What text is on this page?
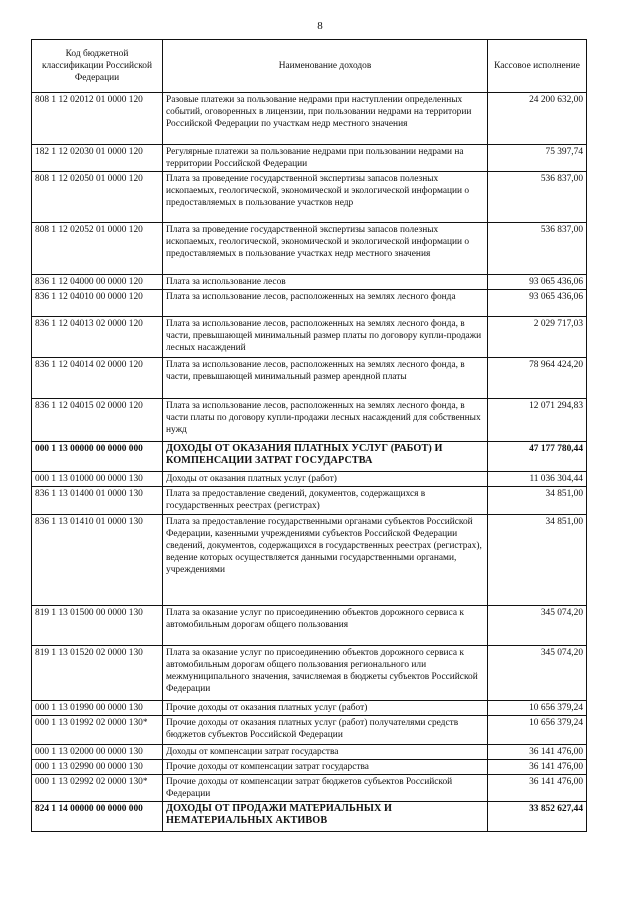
8
Код бюджетной классификации Российской Федерации	Наименование доходов	Кассовое исполнение
808 1 12 02012 01 0000 120	Разовые платежи за пользование недрами при наступлении определенных событий, оговоренных в лицензии, при пользовании недрами на территории Российской Федерации по участкам недр местного значения	24 200 632,00
182 1 12 02030 01 0000 120	Регулярные платежи за пользование недрами при пользовании недрами на территории Российской Федерации	75 397,74
808 1 12 02050 01 0000 120	Плата за проведение государственной экспертизы запасов полезных ископаемых, геологической, экономической и экологической информации о предоставляемых в пользование участков недр	536 837,00
808 1 12 02052 01 0000 120	Плата за проведение государственной экспертизы запасов полезных ископаемых, геологической, экономической и экологической информации о предоставляемых в пользование участках недр местного значения	536 837,00
836 1 12 04000 00 0000 120	Плата за использование лесов	93 065 436,06
836 1 12 04010 00 0000 120	Плата за использование лесов, расположенных на землях лесного фонда	93 065 436,06
836 1 12 04013 02 0000 120	Плата за использование лесов, расположенных на землях лесного фонда, в части, превышающей минимальный размер платы по договору купли-продажи лесных насаждений	2 029 717,03
836 1 12 04014 02 0000 120	Плата за использование лесов, расположенных на землях лесного фонда, в части, превышающей минимальный размер арендной платы	78 964 424,20
836 1 12 04015 02 0000 120	Плата за использование лесов, расположенных на землях лесного фонда, в части платы по договору купли-продажи лесных насаждений для собственных нужд	12 071 294,83
000 1 13 00000 00 0000 000	ДОХОДЫ ОТ ОКАЗАНИЯ ПЛАТНЫХ УСЛУГ (РАБОТ) И КОМПЕНСАЦИИ ЗАТРАТ ГОСУДАРСТВА	47 177 780,44
000 1 13 01000 00 0000 130	Доходы от оказания платных услуг (работ)	11 036 304,44
836 1 13 01400 01 0000 130	Плата за предоставление сведений, документов, содержащихся в государственных реестрах (регистрах)	34 851,00
836 1 13 01410 01 0000 130	Плата за предоставление государственными органами субъектов Российской Федерации, казенными учреждениями субъектов Российской Федерации сведений, документов, содержащихся в государственных реестрах (регистрах), ведение которых осуществляется данными государственными органами, учреждениями	34 851,00
819 1 13 01500 00 0000 130	Плата за оказание услуг по присоединению объектов дорожного сервиса к автомобильным дорогам общего пользования	345 074,20
819 1 13 01520 02 0000 130	Плата за оказание услуг по присоединению объектов дорожного сервиса к автомобильным дорогам общего пользования регионального или межмуниципального значения, зачисляемая в бюджеты субъектов Российской Федерации	345 074,20
000 1 13 01990 00 0000 130	Прочие доходы от оказания платных услуг (работ)	10 656 379,24
000 1 13 01992 02 0000 130*	Прочие доходы от оказания платных услуг (работ) получателями средств бюджетов субъектов Российской Федерации	10 656 379,24
000 1 13 02000 00 0000 130	Доходы от компенсации затрат государства	36 141 476,00
000 1 13 02990 00 0000 130	Прочие доходы от компенсации затрат государства	36 141 476,00
000 1 13 02992 02 0000 130*	Прочие доходы от компенсации затрат бюджетов субъектов Российской Федерации	36 141 476,00
824 1 14 00000 00 0000 000	ДОХОДЫ ОТ ПРОДАЖИ МАТЕРИАЛЬНЫХ И НЕМАТЕРИАЛЬНЫХ АКТИВОВ	33 852 627,44
